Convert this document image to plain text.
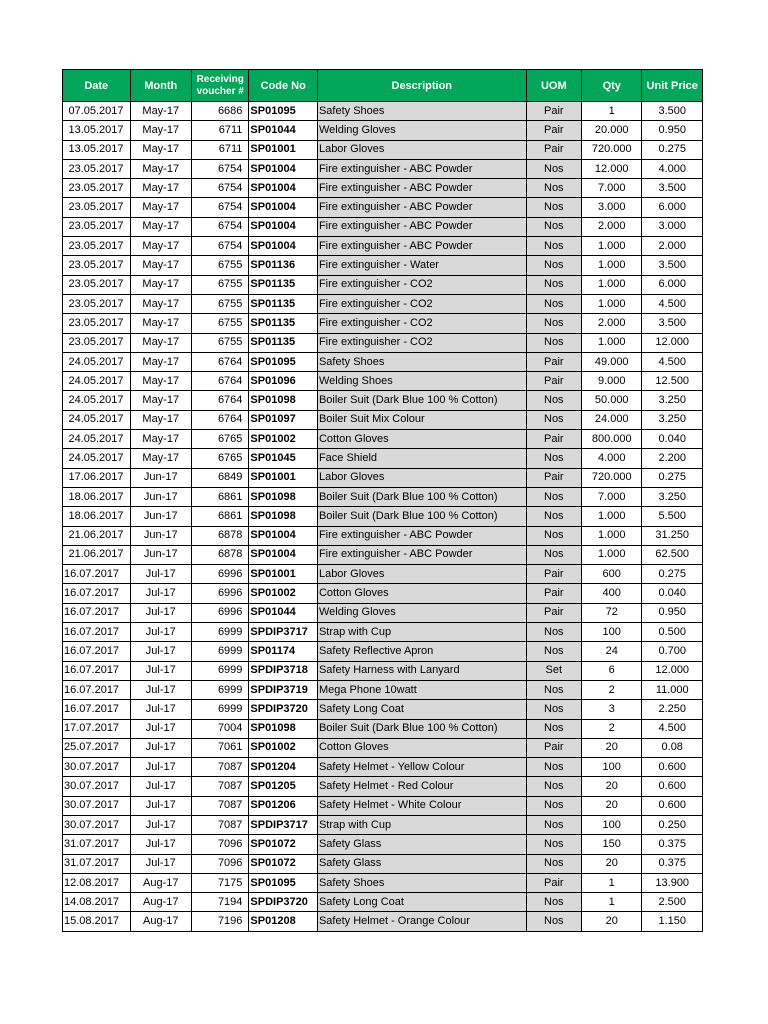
Date	Month	Receiving voucher #	Code No	Description	UOM	Qty	Unit Price
07.05.2017	May-17	6686	SP01095	Safety Shoes	Pair	1	3.500
13.05.2017	May-17	6711	SP01044	Welding Gloves	Pair	20.000	0.950
13.05.2017	May-17	6711	SP01001	Labor Gloves	Pair	720.000	0.275
23.05.2017	May-17	6754	SP01004	Fire extinguisher - ABC Powder	Nos	12.000	4.000
23.05.2017	May-17	6754	SP01004	Fire extinguisher - ABC Powder	Nos	7.000	3.500
23.05.2017	May-17	6754	SP01004	Fire extinguisher - ABC Powder	Nos	3.000	6.000
23.05.2017	May-17	6754	SP01004	Fire extinguisher - ABC Powder	Nos	2.000	3.000
23.05.2017	May-17	6754	SP01004	Fire extinguisher - ABC Powder	Nos	1.000	2.000
23.05.2017	May-17	6755	SP01136	Fire extinguisher - Water	Nos	1.000	3.500
23.05.2017	May-17	6755	SP01135	Fire extinguisher - CO2	Nos	1.000	6.000
23.05.2017	May-17	6755	SP01135	Fire extinguisher - CO2	Nos	1.000	4.500
23.05.2017	May-17	6755	SP01135	Fire extinguisher - CO2	Nos	2.000	3.500
23.05.2017	May-17	6755	SP01135	Fire extinguisher - CO2	Nos	1.000	12.000
24.05.2017	May-17	6764	SP01095	Safety Shoes	Pair	49.000	4.500
24.05.2017	May-17	6764	SP01096	Welding Shoes	Pair	9.000	12.500
24.05.2017	May-17	6764	SP01098	Boiler Suit (Dark Blue 100 % Cotton)	Nos	50.000	3.250
24.05.2017	May-17	6764	SP01097	Boiler Suit Mix Colour	Nos	24.000	3.250
24.05.2017	May-17	6765	SP01002	Cotton Gloves	Pair	800.000	0.040
24.05.2017	May-17	6765	SP01045	Face Shield	Nos	4.000	2.200
17.06.2017	Jun-17	6849	SP01001	Labor Gloves	Pair	720.000	0.275
18.06.2017	Jun-17	6861	SP01098	Boiler Suit (Dark Blue 100 % Cotton)	Nos	7.000	3.250
18.06.2017	Jun-17	6861	SP01098	Boiler Suit (Dark Blue 100 % Cotton)	Nos	1.000	5.500
21.06.2017	Jun-17	6878	SP01004	Fire extinguisher - ABC Powder	Nos	1.000	31.250
21.06.2017	Jun-17	6878	SP01004	Fire extinguisher - ABC Powder	Nos	1.000	62.500
16.07.2017	Jul-17	6996	SP01001	Labor Gloves	Pair	600	0.275
16.07.2017	Jul-17	6996	SP01002	Cotton Gloves	Pair	400	0.040
16.07.2017	Jul-17	6996	SP01044	Welding Gloves	Pair	72	0.950
16.07.2017	Jul-17	6999	SPDIP3717	Strap with Cup	Nos	100	0.500
16.07.2017	Jul-17	6999	SP01174	Safety Reflective Apron	Nos	24	0.700
16.07.2017	Jul-17	6999	SPDIP3718	Safety Harness with Lanyard	Set	6	12.000
16.07.2017	Jul-17	6999	SPDIP3719	Mega Phone 10watt	Nos	2	11.000
16.07.2017	Jul-17	6999	SPDIP3720	Safety Long Coat	Nos	3	2.250
17.07.2017	Jul-17	7004	SP01098	Boiler Suit (Dark Blue 100 % Cotton)	Nos	2	4.500
25.07.2017	Jul-17	7061	SP01002	Cotton Gloves	Pair	20	0.08
30.07.2017	Jul-17	7087	SP01204	Safety Helmet - Yellow Colour	Nos	100	0.600
30.07.2017	Jul-17	7087	SP01205	Safety Helmet - Red Colour	Nos	20	0.600
30.07.2017	Jul-17	7087	SP01206	Safety Helmet - White Colour	Nos	20	0.600
30.07.2017	Jul-17	7087	SPDIP3717	Strap with Cup	Nos	100	0.250
31.07.2017	Jul-17	7096	SP01072	Safety Glass	Nos	150	0.375
31.07.2017	Jul-17	7096	SP01072	Safety Glass	Nos	20	0.375
12.08.2017	Aug-17	7175	SP01095	Safety Shoes	Pair	1	13.900
14.08.2017	Aug-17	7194	SPDIP3720	Safety Long Coat	Nos	1	2.500
15.08.2017	Aug-17	7196	SP01208	Safety Helmet - Orange Colour	Nos	20	1.150
